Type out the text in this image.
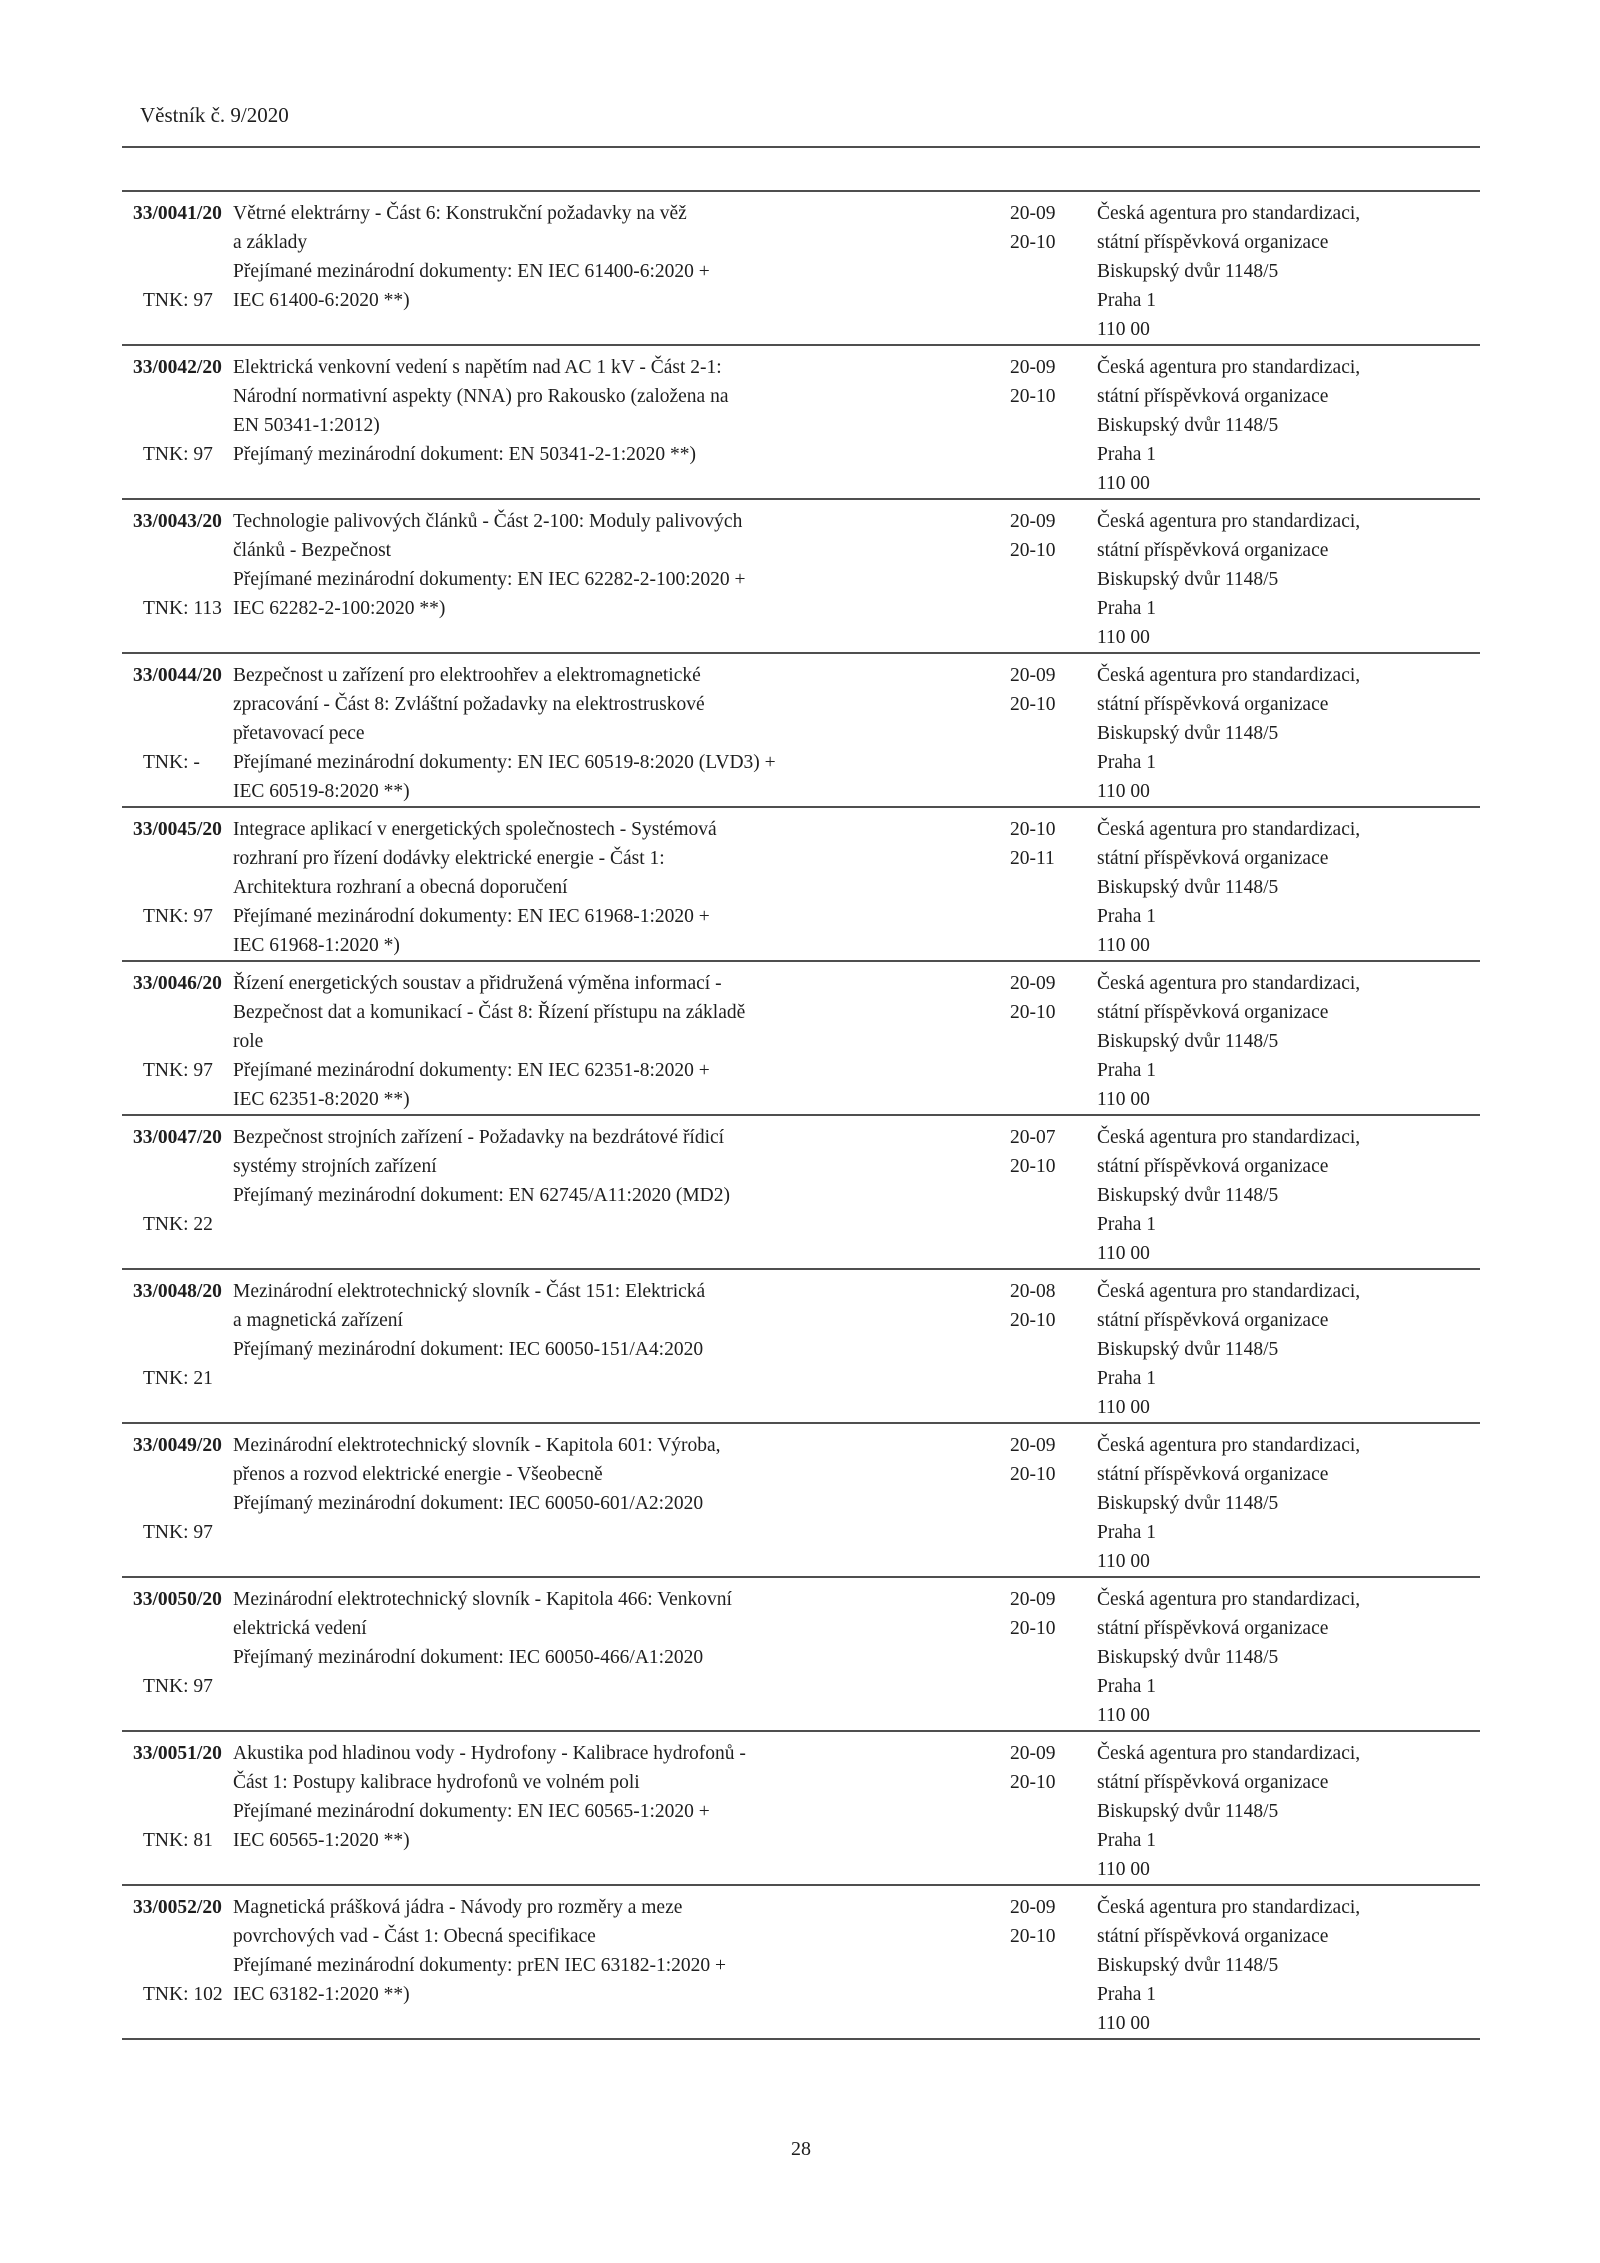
Věstník č. 9/2020
33/0041/20
TNK: 97
Větrné elektrárny - Část 6: Konstrukční požadavky na věž
a základy
Přejímané mezinárodní dokumenty: EN IEC 61400-6:2020 +
IEC 61400-6:2020 **)
20-09
20-10
Česká agentura pro standardizaci,
státní příspěvková organizace
Biskupský dvůr 1148/5
Praha 1
110 00
33/0042/20
TNK: 97
Elektrická venkovní vedení s napětím nad AC 1 kV - Část 2-1:
Národní normativní aspekty (NNA) pro Rakousko (založena na
EN 50341-1:2012)
Přejímaný mezinárodní dokument: EN 50341-2-1:2020 **)
20-09
20-10
Česká agentura pro standardizaci,
státní příspěvková organizace
Biskupský dvůr 1148/5
Praha 1
110 00
33/0043/20
TNK: 113
Technologie palivových článků - Část 2-100: Moduly palivových
článků - Bezpečnost
Přejímané mezinárodní dokumenty: EN IEC 62282-2-100:2020 +
IEC 62282-2-100:2020 **)
20-09
20-10
Česká agentura pro standardizaci,
státní příspěvková organizace
Biskupský dvůr 1148/5
Praha 1
110 00
33/0044/20
TNK: -
Bezpečnost u zařízení pro elektroohřev a elektromagnetické
zpracování - Část 8: Zvláštní požadavky na elektrostruskové
přetavovací pece
Přejímané mezinárodní dokumenty: EN IEC 60519-8:2020 (LVD3) +
IEC 60519-8:2020 **)
20-09
20-10
Česká agentura pro standardizaci,
státní příspěvková organizace
Biskupský dvůr 1148/5
Praha 1
110 00
33/0045/20
TNK: 97
Integrace aplikací v energetických společnostech - Systémová
rozhraní pro řízení dodávky elektrické energie - Část 1:
Architektura rozhraní a obecná doporučení
Přejímané mezinárodní dokumenty: EN IEC 61968-1:2020 +
IEC 61968-1:2020 *)
20-10
20-11
Česká agentura pro standardizaci,
státní příspěvková organizace
Biskupský dvůr 1148/5
Praha 1
110 00
33/0046/20
TNK: 97
Řízení energetických soustav a přidružená výměna informací -
Bezpečnost dat a komunikací - Část 8: Řízení přístupu na základě
role
Přejímané mezinárodní dokumenty: EN IEC 62351-8:2020 +
IEC 62351-8:2020 **)
20-09
20-10
Česká agentura pro standardizaci,
státní příspěvková organizace
Biskupský dvůr 1148/5
Praha 1
110 00
33/0047/20
TNK: 22
Bezpečnost strojních zařízení - Požadavky na bezdrátové řídicí
systémy strojních zařízení
Přejímaný mezinárodní dokument: EN 62745/A11:2020 (MD2)
20-07
20-10
Česká agentura pro standardizaci,
státní příspěvková organizace
Biskupský dvůr 1148/5
Praha 1
110 00
33/0048/20
TNK: 21
Mezinárodní elektrotechnický slovník - Část 151: Elektrická
a magnetická zařízení
Přejímaný mezinárodní dokument: IEC 60050-151/A4:2020
20-08
20-10
Česká agentura pro standardizaci,
státní příspěvková organizace
Biskupský dvůr 1148/5
Praha 1
110 00
33/0049/20
TNK: 97
Mezinárodní elektrotechnický slovník - Kapitola 601: Výroba,
přenos a rozvod elektrické energie - Všeobecně
Přejímaný mezinárodní dokument: IEC 60050-601/A2:2020
20-09
20-10
Česká agentura pro standardizaci,
státní příspěvková organizace
Biskupský dvůr 1148/5
Praha 1
110 00
33/0050/20
TNK: 97
Mezinárodní elektrotechnický slovník - Kapitola 466: Venkovní
elektrická vedení
Přejímaný mezinárodní dokument: IEC 60050-466/A1:2020
20-09
20-10
Česká agentura pro standardizaci,
státní příspěvková organizace
Biskupský dvůr 1148/5
Praha 1
110 00
33/0051/20
TNK: 81
Akustika pod hladinou vody - Hydrofony - Kalibrace hydrofonů -
Část 1: Postupy kalibrace hydrofonů ve volném poli
Přejímané mezinárodní dokumenty: EN IEC 60565-1:2020 +
IEC 60565-1:2020 **)
20-09
20-10
Česká agentura pro standardizaci,
státní příspěvková organizace
Biskupský dvůr 1148/5
Praha 1
110 00
33/0052/20
TNK: 102
Magnetická prášková jádra - Návody pro rozměry a meze
povrchových vad - Část 1: Obecná specifikace
Přejímané mezinárodní dokumenty: prEN IEC 63182-1:2020 +
IEC 63182-1:2020 **)
20-09
20-10
Česká agentura pro standardizaci,
státní příspěvková organizace
Biskupský dvůr 1148/5
Praha 1
110 00
28
